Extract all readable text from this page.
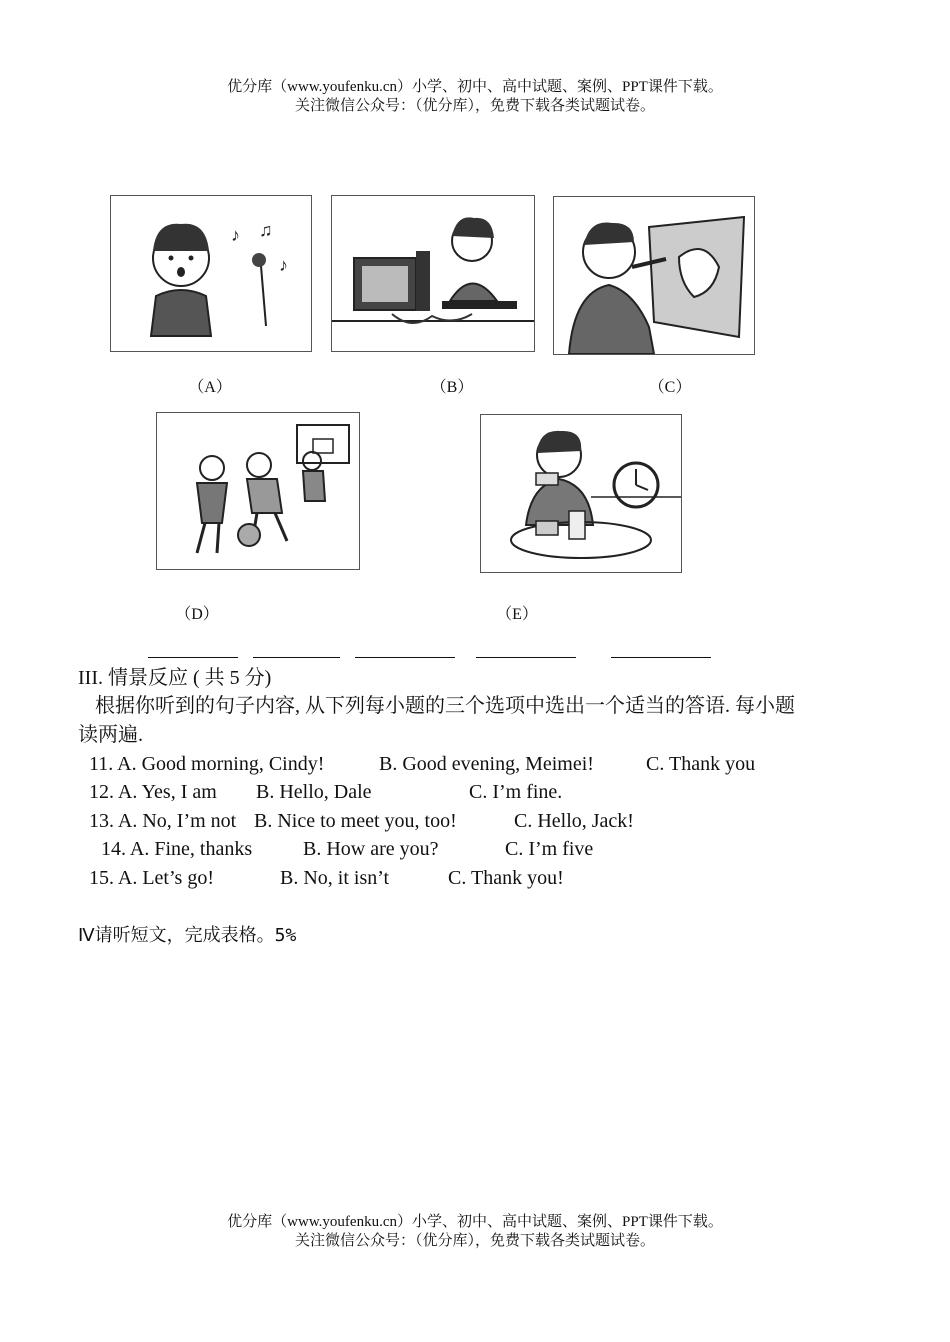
优分库（www.youfenku.cn）小学、初中、高中试题、案例、PPT课件下载。
关注微信公众号：（优分库），免费下载各类试题试卷。
♪ ♫
♪
（A）	（B）	（C）
（D）	（E）
III. 情景反应 ( 共 5 分)
根据你听到的句子内容, 从下列每小题的三个选项中选出一个适当的答语. 每小题
读两遍.
11. A. Good morning, Cindy!	B. Good evening, Meimei!	C. Thank you
12. A. Yes, I am B. Hello, Dale	C. I’m fine.
13. A. No, I’m not B. Nice to meet you, too!	C. Hello, Jack!
14. A. Fine, thanks	B. How are you?	C. I’m five
15. A. Let’s go!	B. No, it isn’t	C. Thank you!
Ⅳ请听短文，完成表格。5%
优分库（www.youfenku.cn）小学、初中、高中试题、案例、PPT课件下载。
关注微信公众号：（优分库），免费下载各类试题试卷。
